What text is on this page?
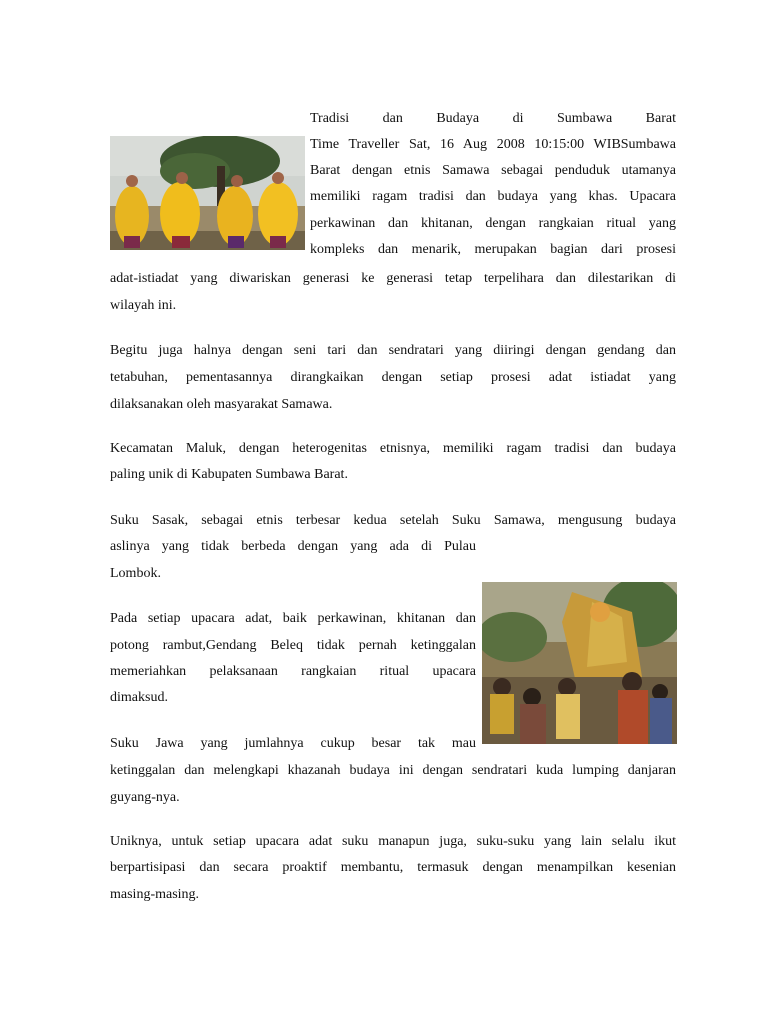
Tradisi dan Budaya di Sumbawa Barat
Time Traveller Sat, 16 Aug 2008 10:15:00 WIBSumbawa
Barat dengan etnis Samawa sebagai penduduk utamanya
memiliki ragam tradisi dan budaya yang khas. Upacara
perkawinan dan khitanan, dengan rangkaian ritual yang
kompleks dan menarik, merupakan bagian dari prosesi
adat-istiadat yang diwariskan generasi ke generasi tetap terpelihara dan dilestarikan di
wilayah ini.
Begitu juga halnya dengan seni tari dan sendratari yang diiringi dengan gendang dan
tetabuhan, pementasannya dirangkaikan dengan setiap prosesi adat istiadat yang
dilaksanakan oleh masyarakat Samawa.
Kecamatan Maluk, dengan heterogenitas etnisnya, memiliki ragam tradisi dan budaya
paling unik di Kabupaten Sumbawa Barat.
Suku Sasak, sebagai etnis terbesar kedua setelah Suku Samawa, mengusung budaya
aslinya yang tidak berbeda dengan yang ada di Pulau
Lombok.
Pada setiap upacara adat, baik perkawinan, khitanan dan
potong rambut,Gendang Beleq tidak pernah ketinggalan
memeriahkan pelaksanaan rangkaian ritual upacara
dimaksud.
Suku Jawa yang jumlahnya cukup besar tak mau
ketinggalan dan melengkapi khazanah budaya ini dengan sendratari kuda lumping danjaran
guyang-nya.
Uniknya, untuk setiap upacara adat suku manapun juga, suku-suku yang lain selalu ikut
berpartisipasi dan secara proaktif membantu, termasuk dengan menampilkan kesenian
masing-masing.
